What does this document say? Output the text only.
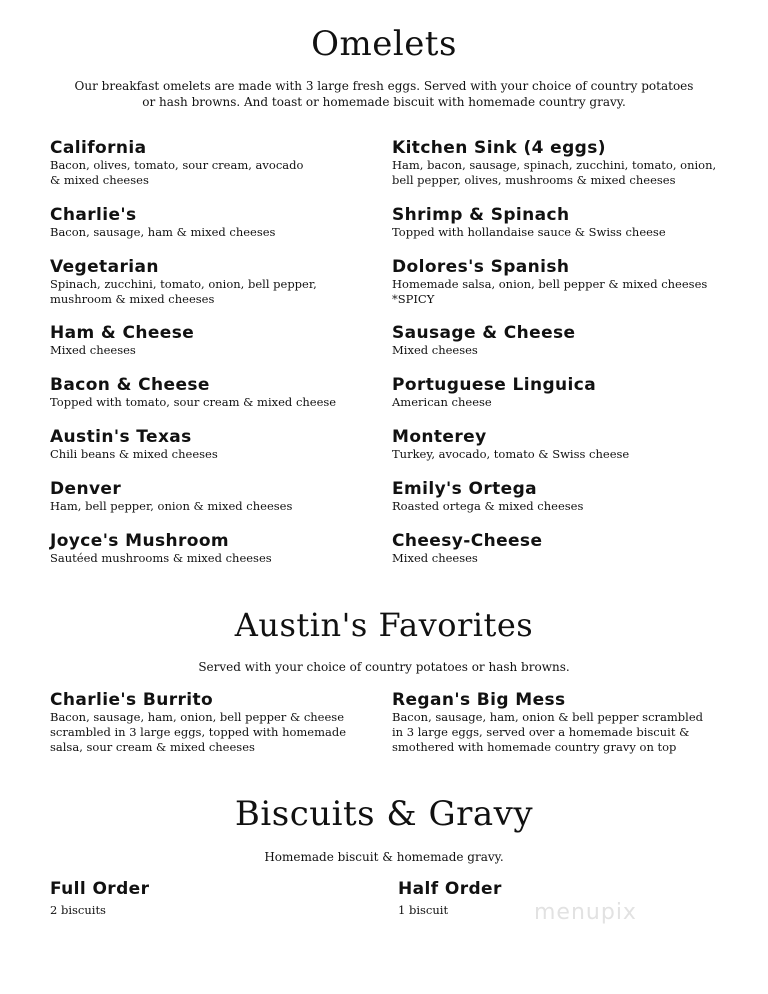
Omelets
Our breakfast omelets are made with 3 large fresh eggs. Served with your choice of country potatoes
or hash browns. And toast or homemade biscuit with homemade country gravy.
California
Bacon, olives, tomato, sour cream, avocado
& mixed cheeses
Charlie's
Bacon, sausage, ham & mixed cheeses
Vegetarian
Spinach, zucchini, tomato, onion, bell pepper,
mushroom & mixed cheeses
Ham & Cheese
Mixed cheeses
Bacon & Cheese
Topped with tomato, sour cream & mixed cheese
Austin's Texas
Chili beans & mixed cheeses
Denver
Ham, bell pepper, onion & mixed cheeses
Joyce's Mushroom
Sautéed mushrooms & mixed cheeses
Kitchen Sink (4 eggs)
Ham, bacon, sausage, spinach, zucchini, tomato, onion,
bell pepper, olives, mushrooms & mixed cheeses
Shrimp & Spinach
Topped with hollandaise sauce & Swiss cheese
Dolores's Spanish
Homemade salsa, onion, bell pepper & mixed cheeses
*SPICY
Sausage & Cheese
Mixed cheeses
Portuguese Linguica
American cheese
Monterey
Turkey, avocado, tomato & Swiss cheese
Emily's Ortega
Roasted ortega & mixed cheeses
Cheesy-Cheese
Mixed cheeses
Austin's Favorites
Served with your choice of country potatoes or hash browns.
Charlie's Burrito
Bacon, sausage, ham, onion, bell pepper & cheese
scrambled in 3 large eggs, topped with homemade
salsa, sour cream & mixed cheeses
Regan's Big Mess
Bacon, sausage, ham, onion & bell pepper scrambled
in 3 large eggs, served over a homemade biscuit &
smothered with homemade country gravy on top
Biscuits & Gravy
Homemade biscuit & homemade gravy.
Full Order
2 biscuits
Half Order
1 biscuit	menupix
